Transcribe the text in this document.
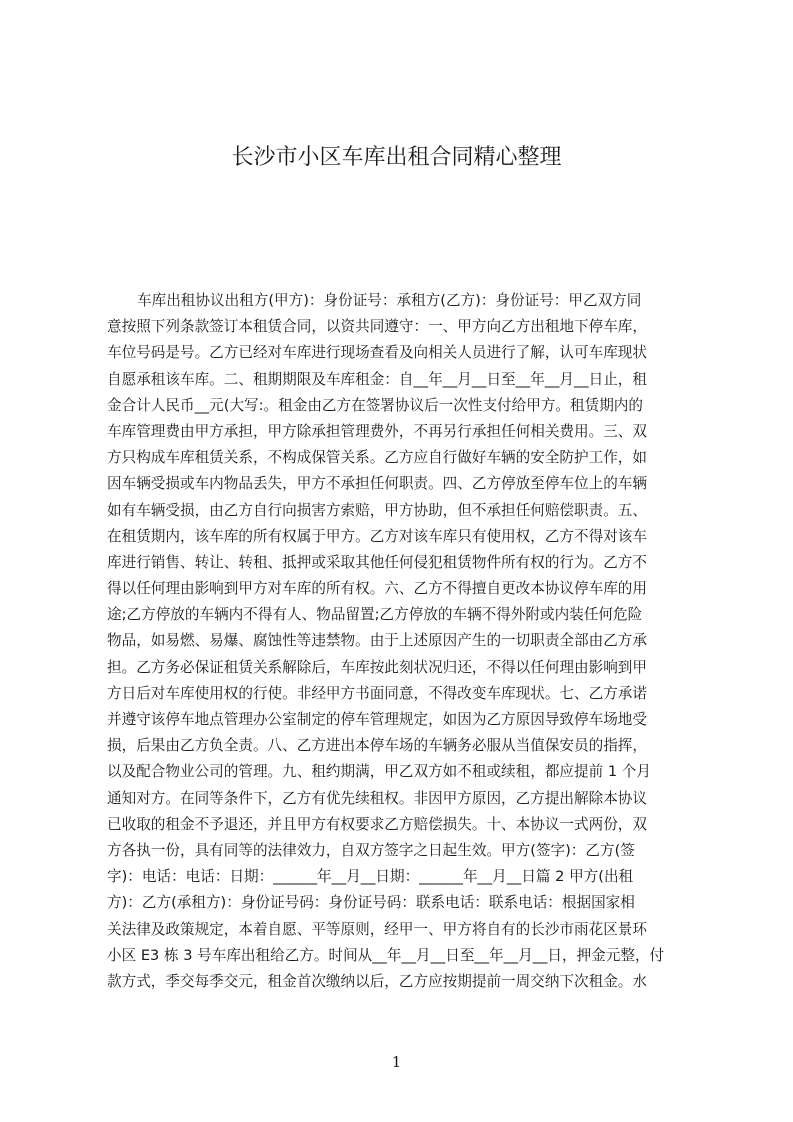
长沙市小区车库出租合同精心整理
车库出租协议出租方(甲方)：身份证号：承租方(乙方)：身份证号：甲乙双方同
意按照下列条款签订本租赁合同，以资共同遵守：一、甲方向乙方出租地下停车库，
车位号码是号。乙方已经对车库进行现场查看及向相关人员进行了解，认可车库现状
自愿承租该车库。二、租期期限及车库租金：自__年__月__日至__年__月__日止，租
金合计人民币__元(大写:。租金由乙方在签署协议后一次性支付给甲方。租赁期内的
车库管理费由甲方承担，甲方除承担管理费外，不再另行承担任何相关费用。三、双
方只构成车库租赁关系，不构成保管关系。乙方应自行做好车辆的安全防护工作，如
因车辆受损或车内物品丢失，甲方不承担任何职责。四、乙方停放至停车位上的车辆
如有车辆受损，由乙方自行向损害方索赔，甲方协助，但不承担任何赔偿职责。五、
在租赁期内，该车库的所有权属于甲方。乙方对该车库只有使用权，乙方不得对该车
库进行销售、转让、转租、抵押或采取其他任何侵犯租赁物件所有权的行为。乙方不
得以任何理由影响到甲方对车库的所有权。六、乙方不得擅自更改本协议停车库的用
途;乙方停放的车辆内不得有人、物品留置;乙方停放的车辆不得外附或内装任何危险
物品，如易燃、易爆、腐蚀性等违禁物。由于上述原因产生的一切职责全部由乙方承
担。乙方务必保证租赁关系解除后，车库按此刻状况归还，不得以任何理由影响到甲
方日后对车库使用权的行使。非经甲方书面同意，不得改变车库现状。七、乙方承诺
并遵守该停车地点管理办公室制定的停车管理规定，如因为乙方原因导致停车场地受
损，后果由乙方负全责。八、乙方进出本停车场的车辆务必服从当值保安员的指挥，
以及配合物业公司的管理。九、租约期满，甲乙双方如不租或续租，都应提前 1 个月
通知对方。在同等条件下，乙方有优先续租权。非因甲方原因，乙方提出解除本协议
已收取的租金不予退还，并且甲方有权要求乙方赔偿损失。十、本协议一式两份，双
方各执一份，具有同等的法律效力，自双方签字之日起生效。甲方(签字)：乙方(签
字)：电话：电话：日期：______年__月__日期：______年__月__日篇 2 甲方(出租
方)：乙方(承租方)：身份证号码：身份证号码：联系电话：联系电话：根据国家相
关法律及政策规定，本着自愿、平等原则，经甲一、甲方将自有的长沙市雨花区景环
小区 E3 栋 3 号车库出租给乙方。时间从__年__月__日至__年__月__日，押金元整，付
款方式，季交每季交元，租金首次缴纳以后，乙方应按期提前一周交纳下次租金。水
1
